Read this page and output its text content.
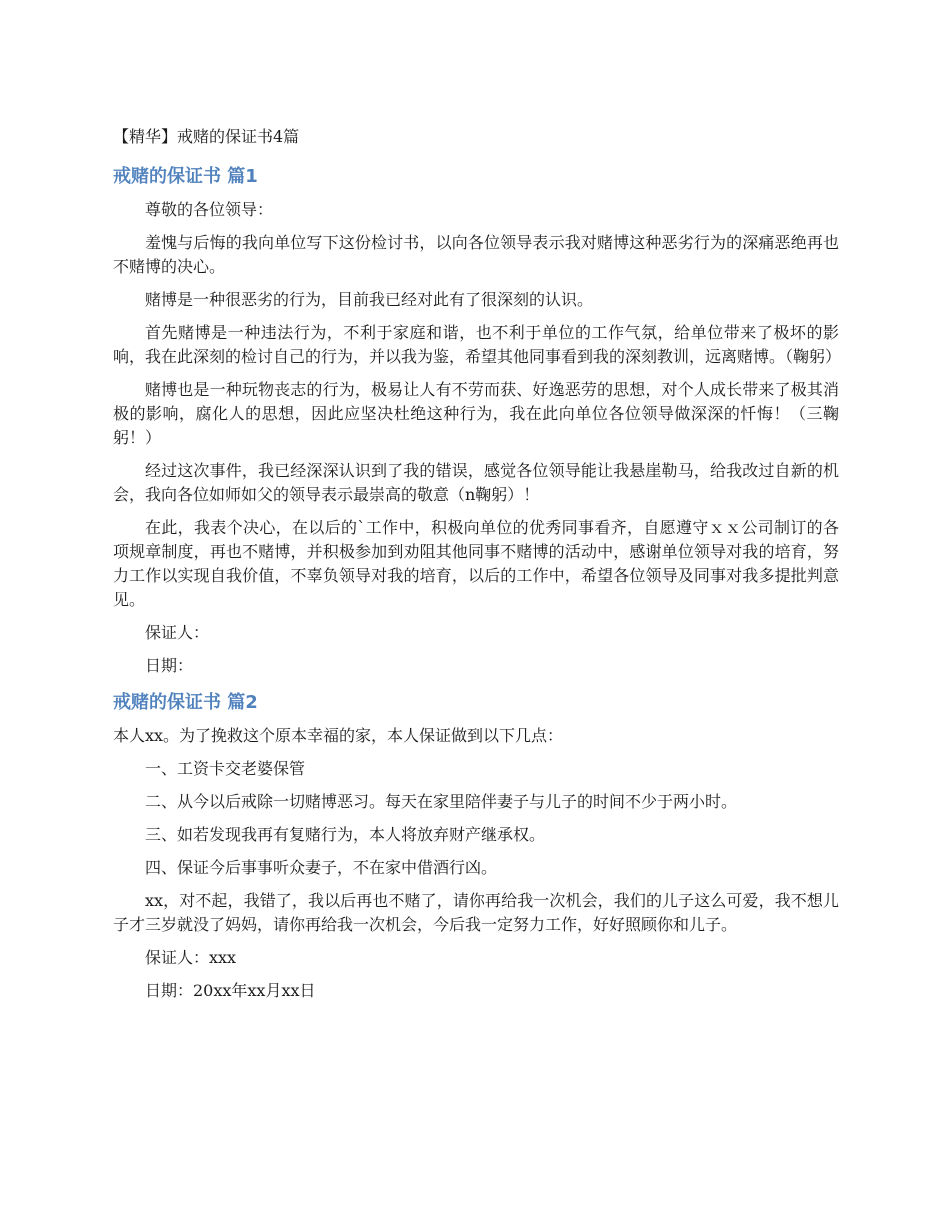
【精华】戒赌的保证书4篇
戒赌的保证书 篇1

尊敬的各位领导：

羞愧与后悔的我向单位写下这份检讨书，以向各位领导表示我对赌博这种恶劣行为的深痛恶绝再也不赌博的决心。

赌博是一种很恶劣的行为，目前我已经对此有了很深刻的认识。

首先赌博是一种违法行为，不利于家庭和谐，也不利于单位的工作气氛，给单位带来了极坏的影响，我在此深刻的检讨自己的行为，并以我为鉴，希望其他同事看到我的深刻教训，远离赌博。（鞠躬）

赌博也是一种玩物丧志的行为，极易让人有不劳而获、好逸恶劳的思想，对个人成长带来了极其消极的影响，腐化人的思想，因此应坚决杜绝这种行为，我在此向单位各位领导做深深的忏悔！（三鞠躬！）

经过这次事件，我已经深深认识到了我的错误，感觉各位领导能让我悬崖勒马，给我改过自新的机会，我向各位如师如父的领导表示最崇高的敬意（n鞠躬）！

在此，我表个决心，在以后的`工作中，积极向单位的优秀同事看齐，自愿遵守ｘｘ公司制订的各项规章制度，再也不赌博，并积极参加到劝阻其他同事不赌博的活动中，感谢单位领导对我的培育，努力工作以实现自我价值，不辜负领导对我的培育，以后的工作中，希望各位领导及同事对我多提批判意见。

保证人：

日期：

戒赌的保证书 篇2

本人xx。为了挽救这个原本幸福的家，本人保证做到以下几点：

一、工资卡交老婆保管

二、从今以后戒除一切赌博恶习。每天在家里陪伴妻子与儿子的时间不少于两小时。

三、如若发现我再有复赌行为，本人将放弃财产继承权。

四、保证今后事事听众妻子，不在家中借酒行凶。

xx，对不起，我错了，我以后再也不赌了，请你再给我一次机会，我们的儿子这么可爱，我不想儿子才三岁就没了妈妈，请你再给我一次机会，今后我一定努力工作，好好照顾你和儿子。

保证人：xxx

日期：20xx年xx月xx日
